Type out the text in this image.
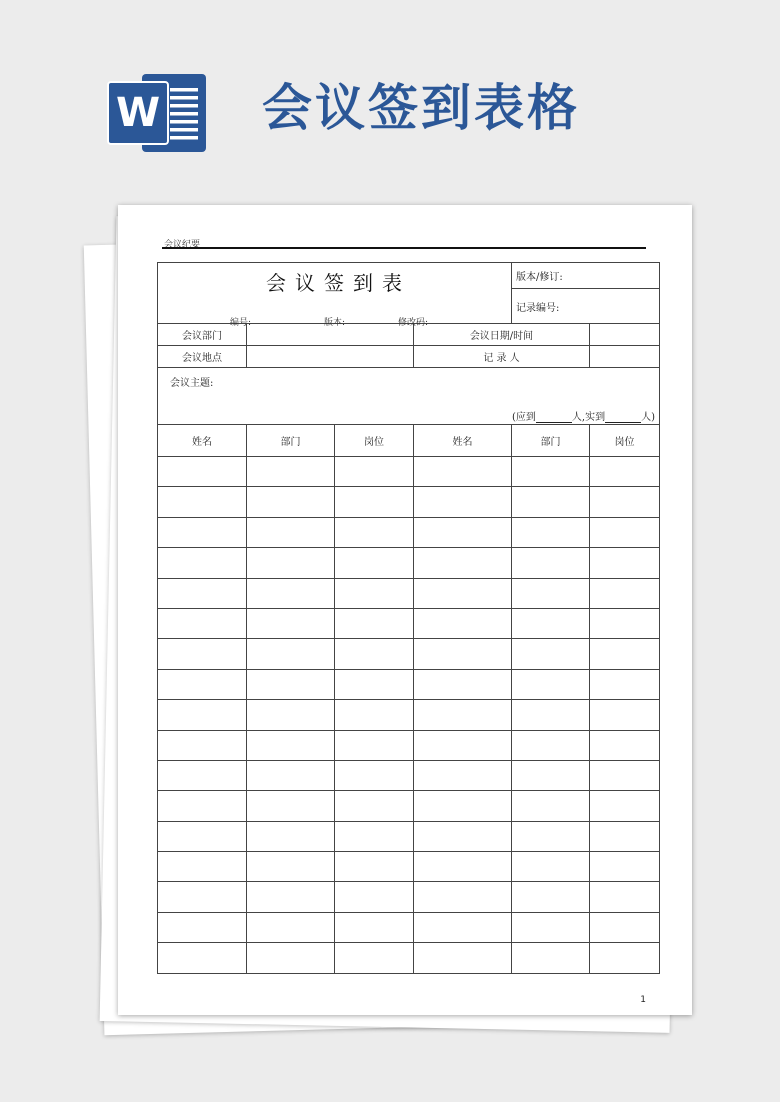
W 会议签到表格
会议纪要
会议签到表
编号: 版本: 修改码:				版本/修订:	
				记录编号:	
会议部门			会议日期/时间		
会议地点			记 录 人		

会议主题:
(应到 人,实到 人)					

姓名	部门	岗位	姓名	部门	岗位

1
